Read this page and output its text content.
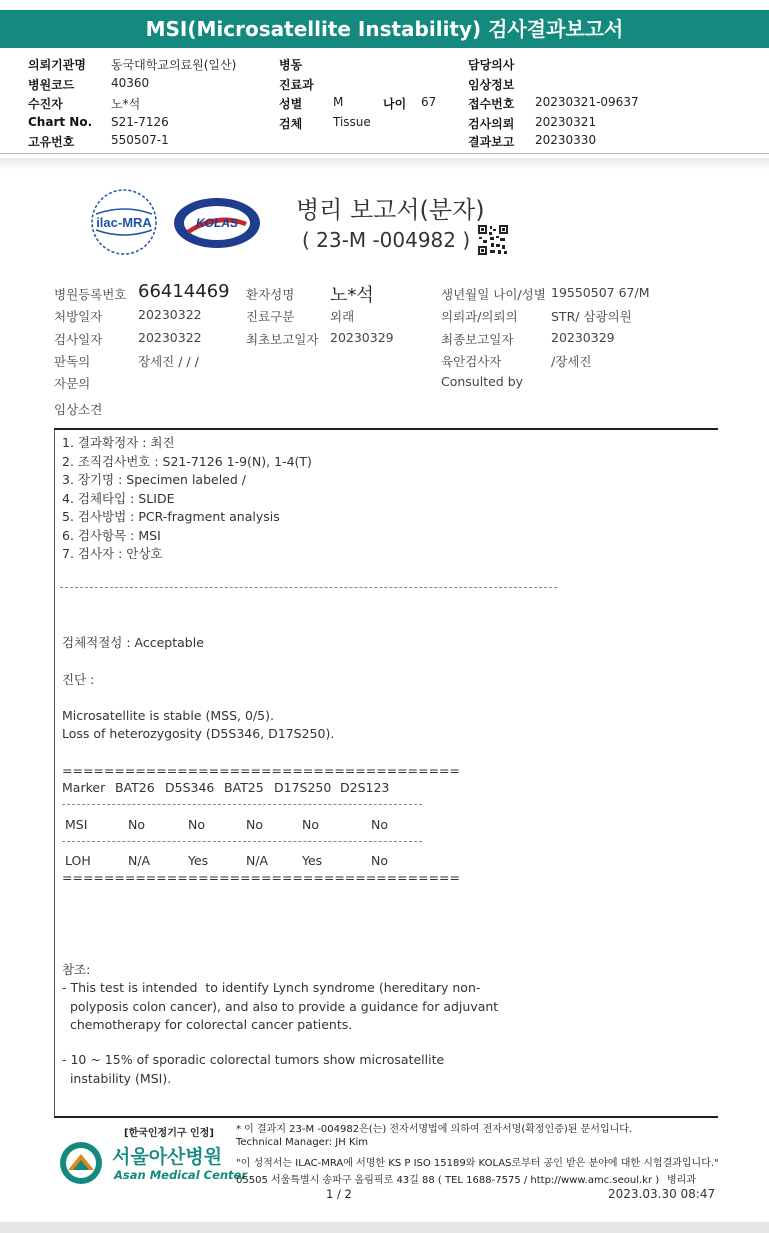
MSI(Microsatellite Instability) 검사결과보고서
의뢰기관명 동국대학교의료원(일산)
병원코드	40360
수진자	노*석
Chart No. S21-7126
고유번호	550507-1
병동
진료과
성별	M
검체	Tissue
담당의사
임상정보
접수번호 20230321-09637
검사의뢰 20230321
결과보고 20230330
나이 67
ilac-MRA	KOLAS 병리 보고서(분자)
( 23-M -004982 )
병원등록번호 66414469 환자성명 노*석	생년월일 나이/성별 19550507 67/M
처방일자	20230322	진료구분	외래	의뢰과/의뢰의	STR/ 삼광의원
검사일자	20230322	최초보고일자 20230329	최종보고일자	20230329
판독의	장세진 / / /	육안검사자	/장세진
자문의	Consulted by
임상소견
1. 결과확정자 : 최진
2. 조직검사번호 : S21-7126 1-9(N), 1-4(T)
3. 장기명 : Specimen labeled /
4. 검체타입 : SLIDE
5. 검사방법 : PCR-fragment analysis
6. 검사항목 : MSI
7. 검사자 : 안상호
검체적절성 : Acceptable
진단 :
Microsatellite is stable (MSS, 0/5).
Loss of heterozygosity (D5S346, D17S250).
======================================
Marker BAT26 D5S346 BAT25 D17S250 D2S123
MSI	No	No	No	No	No
LOH	N/A	Yes	N/A	Yes	No
======================================
참조:
- This test is intended  to identify Lynch syndrome (hereditary non-
polyposis colon cancer), and also to provide a guidance for adjuvant
chemotherapy for colorectal cancer patients.
- 10 ~ 15% of sporadic colorectal tumors show microsatellite
instability (MSI).
[한국인정기구 인정]
서울아산병원
Asan Medical Center
* 이 결과지 23-M -004982은(는) 전자서명법에 의하여 전자서명(확정인증)된 문서입니다.
Technical Manager: JH Kim
"이 성적서는 ILAC-MRA에 서명한 KS P ISO 15189와 KOLAS로부터 공인 받은 분야에 대한 시험결과입니다."
05505 서울특별시 송파구 올림픽로 43길 88 ( TEL 1688-7575 / http://www.amc.seoul.kr ) 병리과
1 / 2	2023.03.30 08:47
